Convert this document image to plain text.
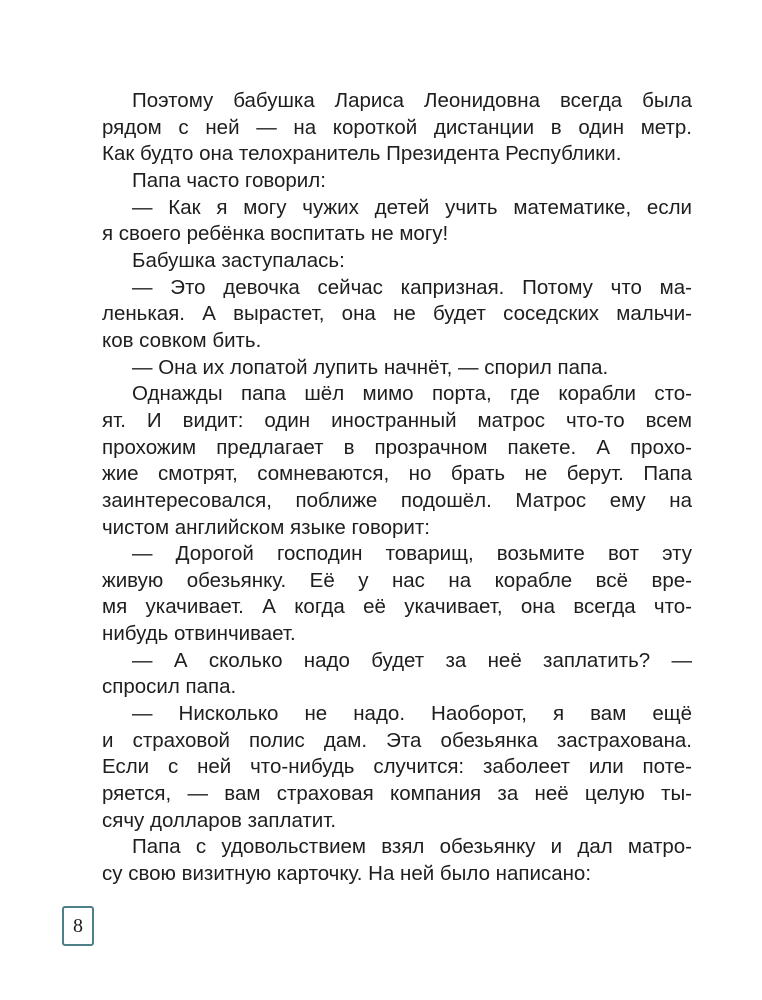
Поэтому бабушка Лариса Леонидовна всегда была
рядом с ней — на короткой дистанции в один метр.
Как будто она телохранитель Президента Республики.
Папа часто говорил:
— Как я могу чужих детей учить математике, если
я своего ребёнка воспитать не могу!
Бабушка заступалась:
— Это девочка сейчас капризная. Потому что ма-
ленькая. А вырастет, она не будет соседских мальчи-
ков совком бить.
— Она их лопатой лупить начнёт, — спорил папа.
Однажды папа шёл мимо порта, где корабли сто-
ят. И видит: один иностранный матрос что-то всем
прохожим предлагает в прозрачном пакете. А прохо-
жие смотрят, сомневаются, но брать не берут. Папа
заинтересовался, поближе подошёл. Матрос ему на
чистом английском языке говорит:
— Дорогой господин товарищ, возьмите вот эту
живую обезьянку. Её у нас на корабле всё вре-
мя укачивает. А когда её укачивает, она всегда что-
нибудь отвинчивает.
— А сколько надо будет за неё заплатить? —
спросил папа.
— Нисколько не надо. Наоборот, я вам ещё
и страховой полис дам. Эта обезьянка застрахована.
Если с ней что-нибудь случится: заболеет или поте-
ряется, — вам страховая компания за неё целую ты-
сячу долларов заплатит.
Папа с удовольствием взял обезьянку и дал матро-
су свою визитную карточку. На ней было написано:
8
